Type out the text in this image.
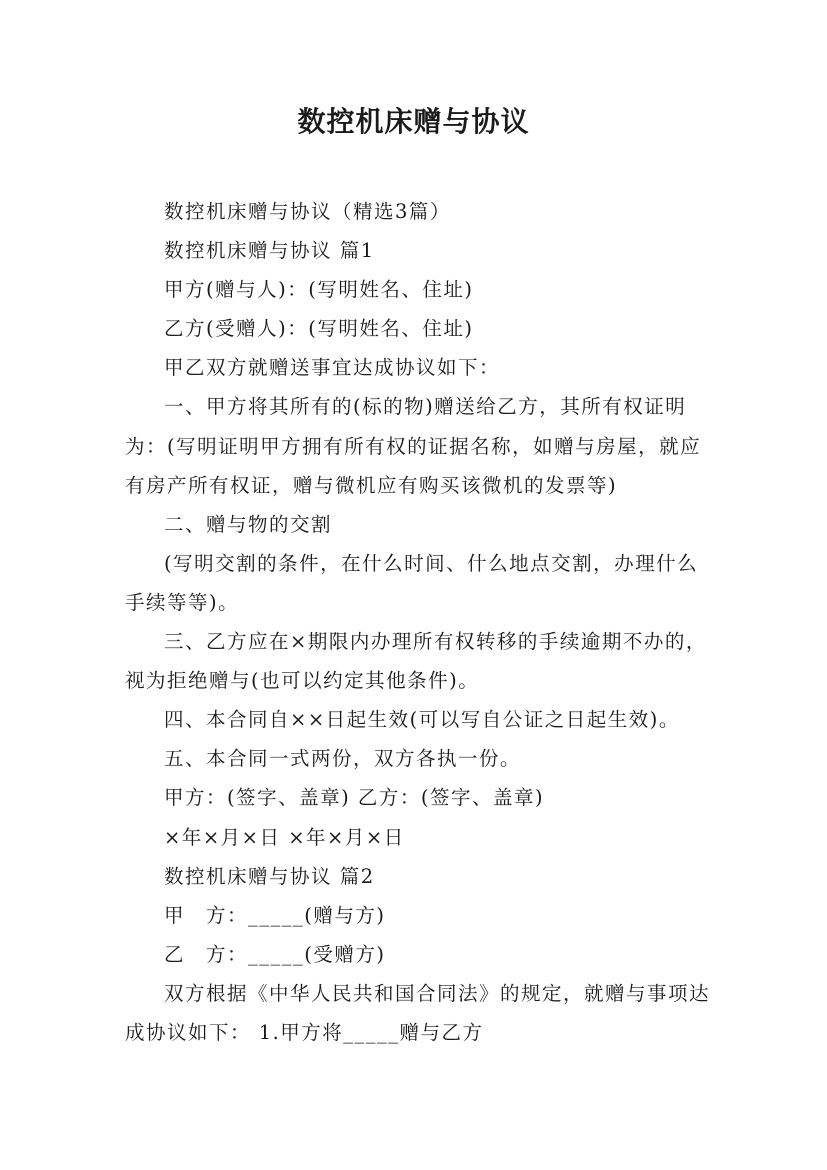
数控机床赠与协议

数控机床赠与协议（精选3篇）

数控机床赠与协议 篇1

甲方(赠与人)：(写明姓名、住址)

乙方(受赠人)：(写明姓名、住址)

甲乙双方就赠送事宜达成协议如下：

一、甲方将其所有的(标的物)赠送给乙方，其所有权证明为：(写明证明甲方拥有所有权的证据名称，如赠与房屋，就应有房产所有权证，赠与微机应有购买该微机的发票等)

二、赠与物的交割

(写明交割的条件，在什么时间、什么地点交割，办理什么手续等等)。

三、乙方应在×期限内办理所有权转移的手续逾期不办的，视为拒绝赠与(也可以约定其他条件)。

四、本合同自××日起生效(可以写自公证之日起生效)。

五、本合同一式两份，双方各执一份。

甲方：(签字、盖章) 乙方：(签字、盖章)

×年×月×日 ×年×月×日

数控机床赠与协议 篇2

甲　方：_____(赠与方)

乙　方：_____(受赠方)

双方根据《中华人民共和国合同法》的规定，就赠与事项达成协议如下： 1.甲方将_____赠与乙方
